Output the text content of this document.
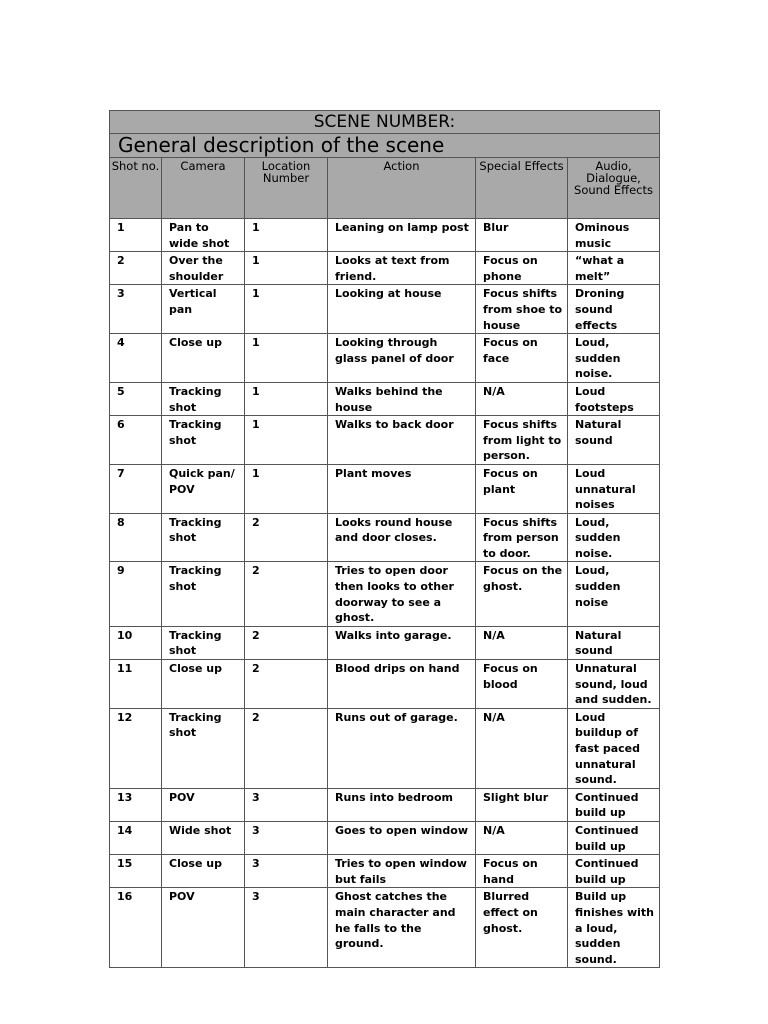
SCENE NUMBER:					
General description of the scene					
Shot no.	Camera	Location Number	Action	Special Effects	Audio, Dialogue, Sound Effects
1	Pan to wide shot	1	Leaning on lamp post	Blur	Ominous music
2	Over the shoulder	1	Looks at text from friend.	Focus on phone	“what a melt”
3	Vertical pan	1	Looking at house	Focus shifts from shoe to house	Droning sound effects
4	Close up	1	Looking through glass panel of door	Focus on face	Loud, sudden noise.
5	Tracking shot	1	Walks behind the house	N/A	Loud footsteps
6	Tracking shot	1	Walks to back door	Focus shifts from light to person.	Natural sound
7	Quick pan/ POV	1	Plant moves	Focus on plant	Loud unnatural noises
8	Tracking shot	2	Looks round house and door closes.	Focus shifts from person to door.	Loud, sudden noise.
9	Tracking shot	2	Tries to open door then looks to other doorway to see a ghost.	Focus on the ghost.	Loud, sudden noise
10	Tracking shot	2	Walks into garage.	N/A	Natural sound
11	Close up	2	Blood drips on hand	Focus on blood	Unnatural sound, loud and sudden.
12	Tracking shot	2	Runs out of garage.	N/A	Loud buildup of fast paced unnatural sound.
13	POV	3	Runs into bedroom	Slight blur	Continued build up
14	Wide shot	3	Goes to open window	N/A	Continued build up
15	Close up	3	Tries to open window but fails	Focus on hand	Continued build up
16	POV	3	Ghost catches the main character and he falls to the ground.	Blurred effect on ghost.	Build up finishes with a loud, sudden sound.
